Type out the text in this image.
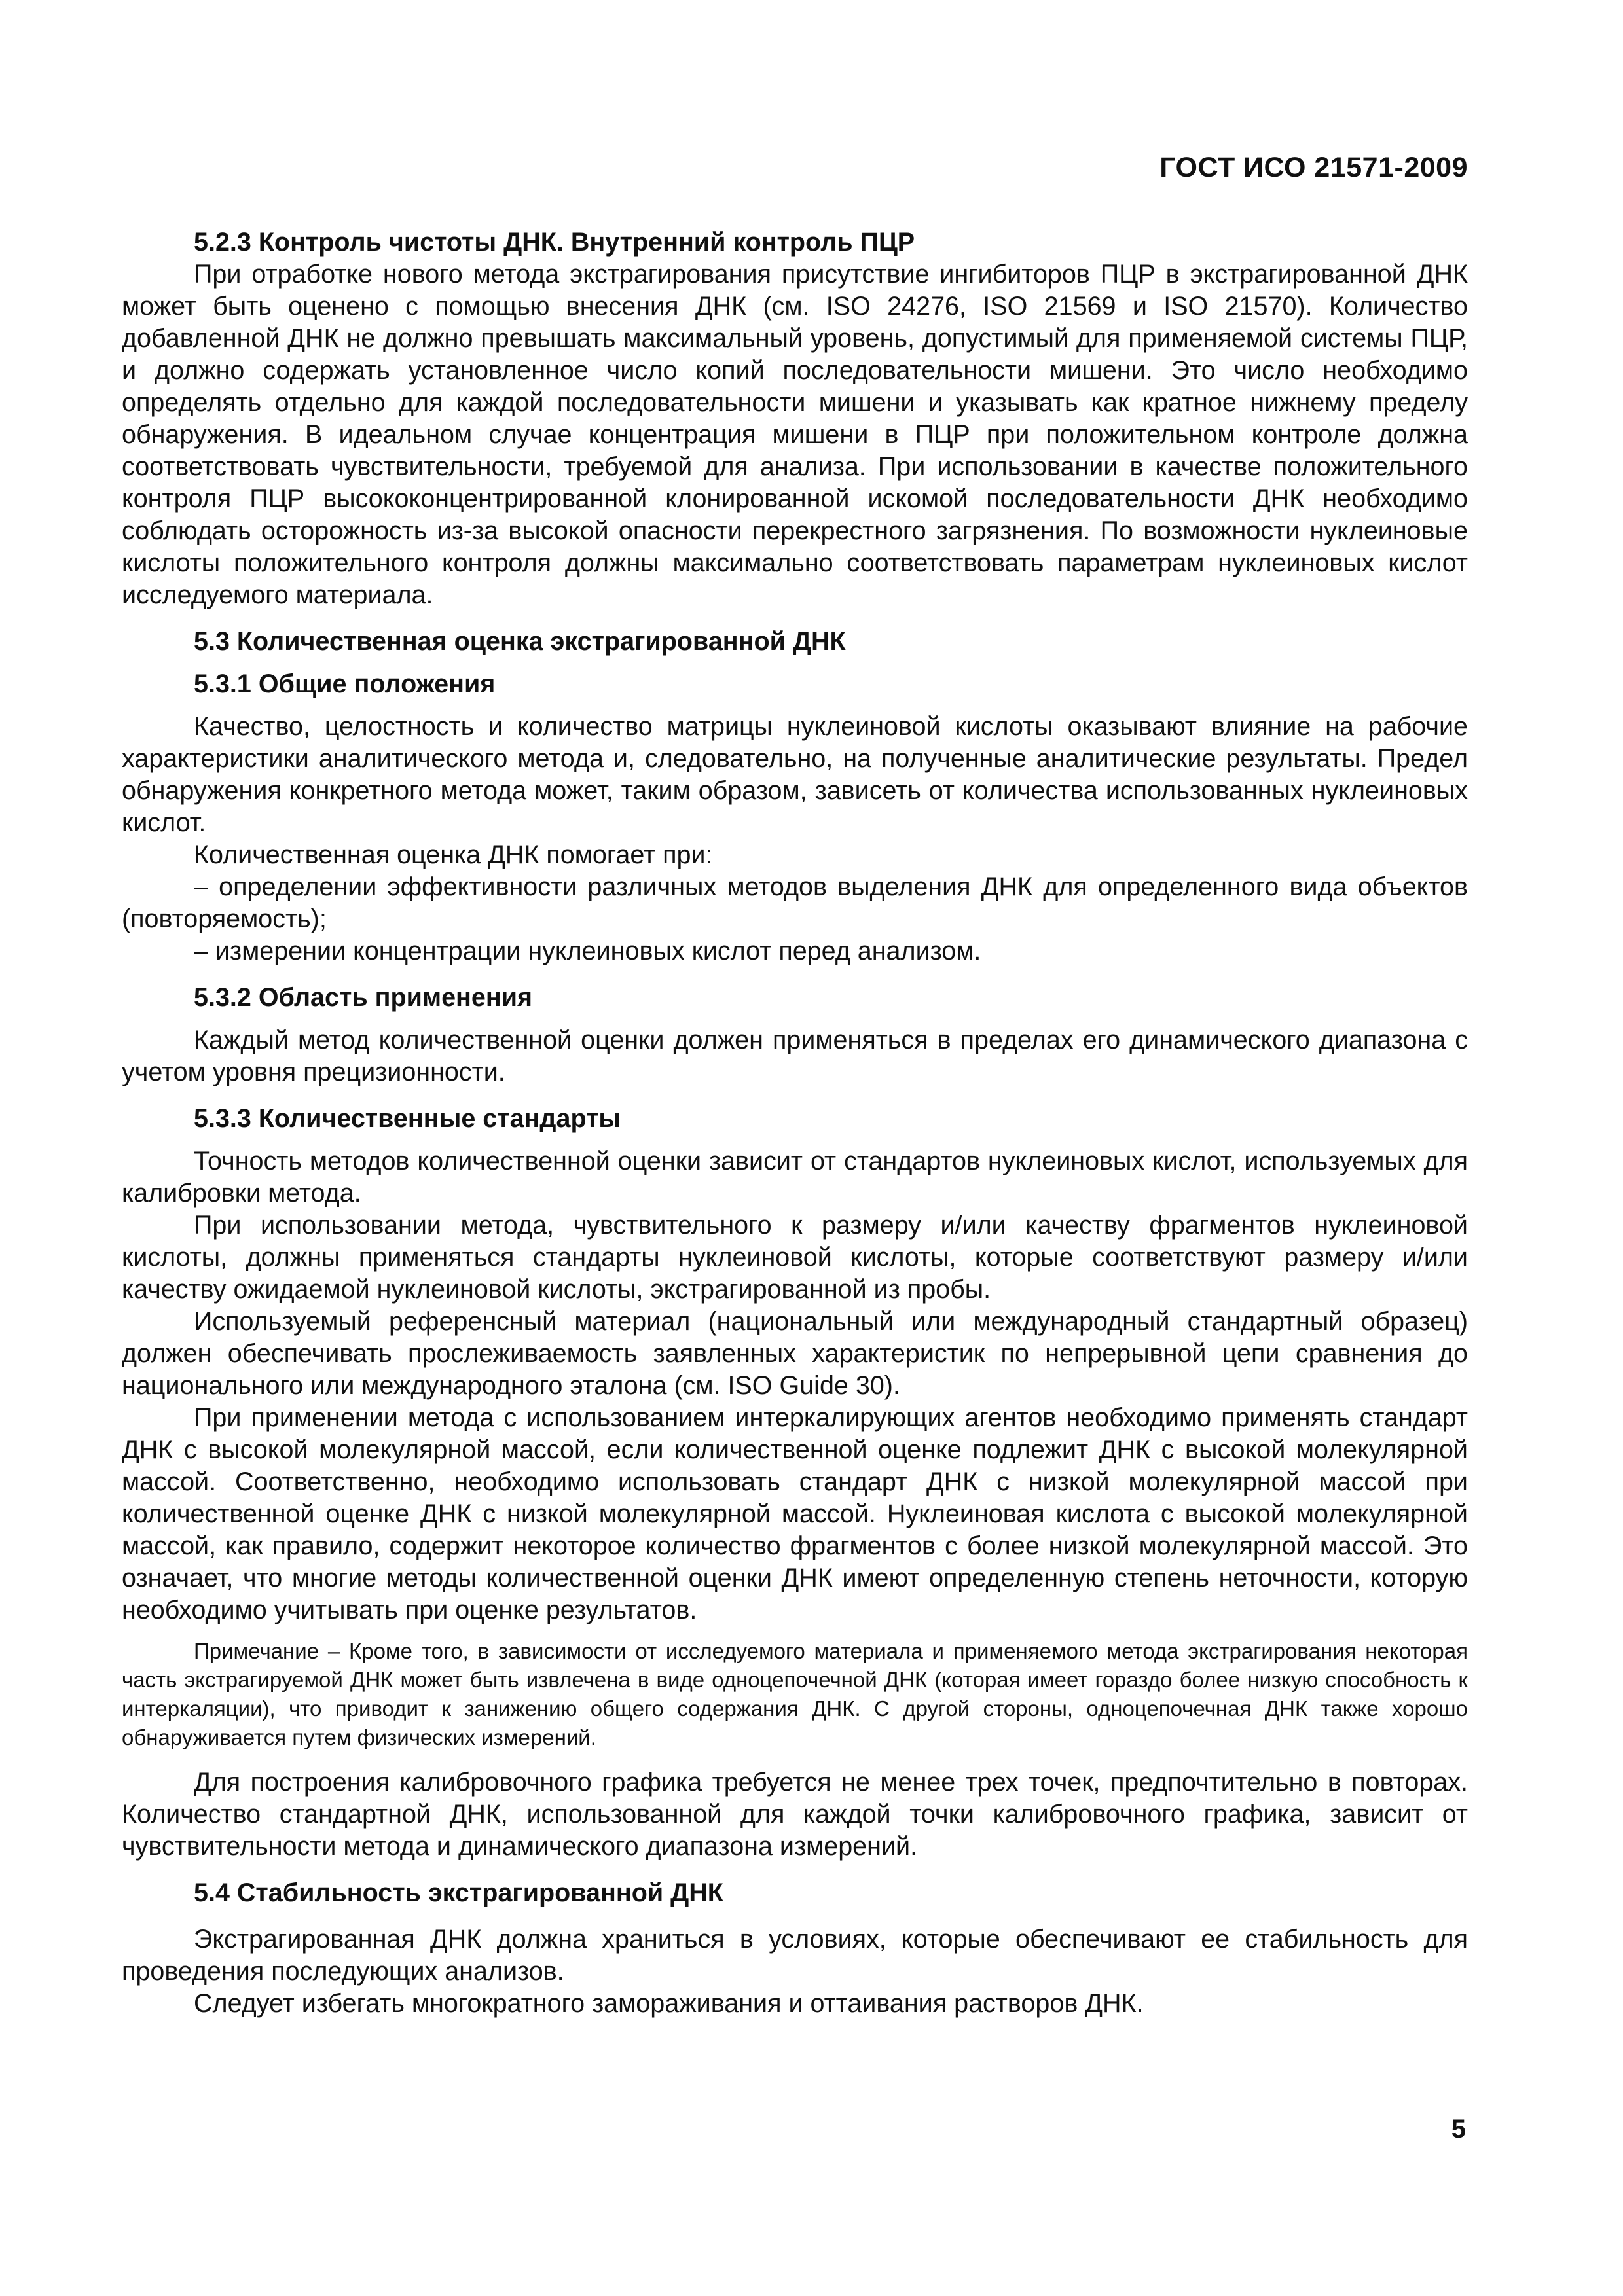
ГОСТ ИСО 21571-2009
5.2.3 Контроль чистоты ДНК. Внутренний контроль ПЦР

При отработке нового метода экстрагирования присутствие ингибиторов ПЦР в экстрагированной ДНК может быть оценено с помощью внесения ДНК (см. ISO 24276, ISO 21569 и ISO 21570). Количество добавленной ДНК не должно превышать максимальный уровень, допустимый для применяемой системы ПЦР, и должно содержать установленное число копий последовательности мишени. Это число необходимо определять отдельно для каждой последовательности мишени и указывать как кратное нижнему пределу обнаружения. В идеальном случае концентрация мишени в ПЦР при положительном контроле должна соответствовать чувствительности, требуемой для анализа. При использовании в качестве положительного контроля ПЦР высококонцентрированной клонированной искомой последовательности ДНК необходимо соблюдать осторожность из-за высокой опасности перекрестного загрязнения. По возможности нуклеиновые кислоты положительного контроля должны максимально соответствовать параметрам нуклеиновых кислот исследуемого материала.

5.3 Количественная оценка экстрагированной ДНК
5.3.1 Общие положения

Качество, целостность и количество матрицы нуклеиновой кислоты оказывают влияние на рабочие характеристики аналитического метода и, следовательно, на полученные аналитические результаты. Предел обнаружения конкретного метода может, таким образом, зависеть от количества использованных нуклеиновых кислот.

Количественная оценка ДНК помогает при:

– определении эффективности различных методов выделения ДНК для определенного вида объектов (повторяемость);

– измерении концентрации нуклеиновых кислот перед анализом.

5.3.2 Область применения

Каждый метод количественной оценки должен применяться в пределах его динамического диапазона с учетом уровня прецизионности.

5.3.3 Количественные стандарты

Точность методов количественной оценки зависит от стандартов нуклеиновых кислот, используемых для калибровки метода.

При использовании метода, чувствительного к размеру и/или качеству фрагментов нуклеиновой кислоты, должны применяться стандарты нуклеиновой кислоты, которые соответствуют размеру и/или качеству ожидаемой нуклеиновой кислоты, экстрагированной из пробы.

Используемый референсный материал (национальный или международный стандартный образец) должен обеспечивать прослеживаемость заявленных характеристик по непрерывной цепи сравнения до национального или международного эталона (см. ISO Guide 30).

При применении метода с использованием интеркалирующих агентов необходимо применять стандарт ДНК с высокой молекулярной массой, если количественной оценке подлежит ДНК с высокой молекулярной массой. Соответственно, необходимо использовать стандарт ДНК с низкой молекулярной массой при количественной оценке ДНК с низкой молекулярной массой. Нуклеиновая кислота с высокой молекулярной массой, как правило, содержит некоторое количество фрагментов с более низкой молекулярной массой. Это означает, что многие методы количественной оценки ДНК имеют определенную степень неточности, которую необходимо учитывать при оценке результатов.

Примечание – Кроме того, в зависимости от исследуемого материала и применяемого метода экстрагирования некоторая часть экстрагируемой ДНК может быть извлечена в виде одноцепочечной ДНК (которая имеет гораздо более низкую способность к интеркаляции), что приводит к занижению общего содержания ДНК. С другой стороны, одноцепочечная ДНК также хорошо обнаруживается путем физических измерений.

Для построения калибровочного графика требуется не менее трех точек, предпочтительно в повторах. Количество стандартной ДНК, использованной для каждой точки калибровочного графика, зависит от чувствительности метода и динамического диапазона измерений.

5.4 Стабильность экстрагированной ДНК

Экстрагированная ДНК должна храниться в условиях, которые обеспечивают ее стабильность для проведения последующих анализов.

Следует избегать многократного замораживания и оттаивания растворов ДНК.

5
